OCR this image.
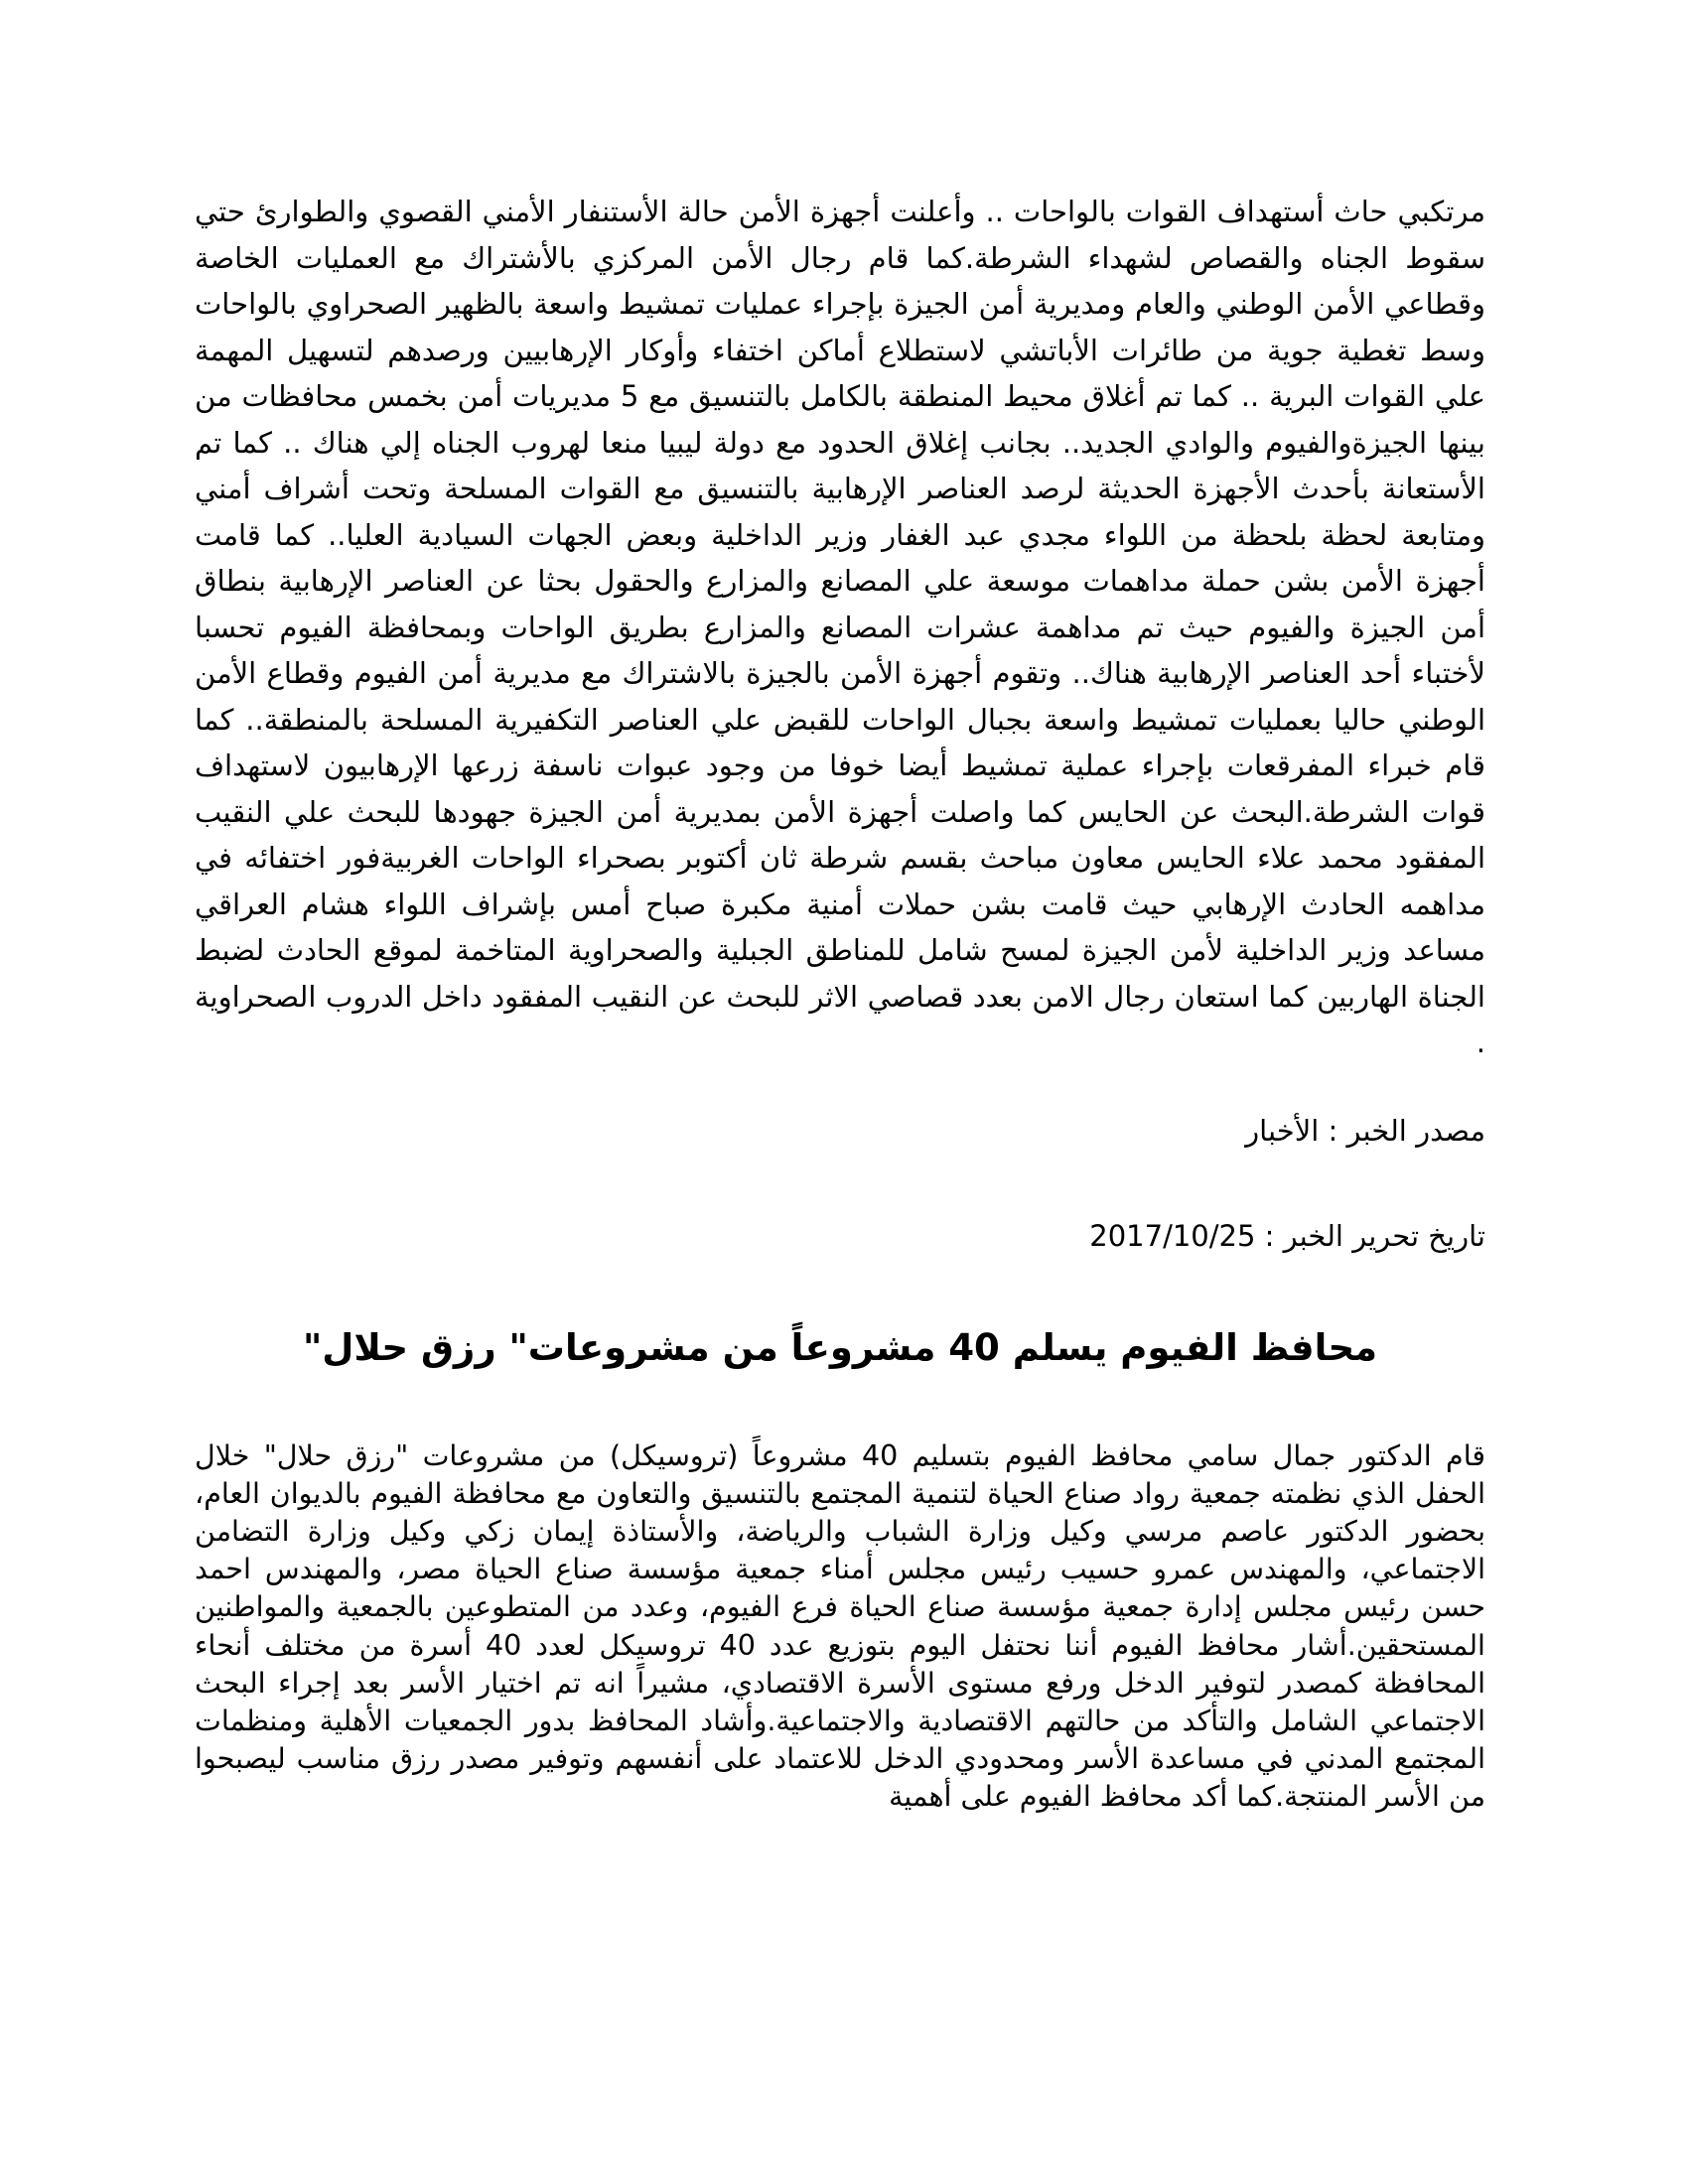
مرتكبي حاث أستهداف القوات بالواحات .. وأعلنت أجهزة الأمن حالة الأستنفار الأمني القصوي والطوارئ حتي سقوط الجناه والقصاص لشهداء الشرطة.كما قام رجال الأمن المركزي بالأشتراك مع العمليات الخاصة وقطاعي الأمن الوطني والعام ومديرية أمن الجيزة بإجراء عمليات تمشيط واسعة بالظهير الصحراوي بالواحات وسط تغطية جوية من طائرات الأباتشي لاستطلاع أماكن اختفاء وأوكار الإرهابيين ورصدهم لتسهيل المهمة علي القوات البرية .. كما تم أغلاق محيط المنطقة بالكامل بالتنسيق مع 5 مديريات أمن بخمس محافظات من بينها الجيزةوالفيوم والوادي الجديد.. بجانب إغلاق الحدود مع دولة ليبيا منعا لهروب الجناه إلي هناك .. كما تم الأستعانة بأحدث الأجهزة الحديثة لرصد العناصر الإرهابية بالتنسيق مع القوات المسلحة وتحت أشراف أمني ومتابعة لحظة بلحظة من اللواء مجدي عبد الغفار وزير الداخلية وبعض الجهات السيادية العليا.. كما قامت أجهزة الأمن بشن حملة مداهمات موسعة علي المصانع والمزارع والحقول بحثا عن العناصر الإرهابية بنطاق أمن الجيزة والفيوم حيث تم مداهمة عشرات المصانع والمزارع بطريق الواحات وبمحافظة الفيوم تحسبا لأختباء أحد العناصر الإرهابية هناك.. وتقوم أجهزة الأمن بالجيزة بالاشتراك مع مديرية أمن الفيوم وقطاع الأمن الوطني حاليا بعمليات تمشيط واسعة بجبال الواحات للقبض علي العناصر التكفيرية المسلحة بالمنطقة.. كما قام خبراء المفرقعات بإجراء عملية تمشيط أيضا خوفا من وجود عبوات ناسفة زرعها الإرهابيون لاستهداف قوات الشرطة.البحث عن الحايس كما واصلت أجهزة الأمن بمديرية أمن الجيزة جهودها للبحث علي النقيب المفقود محمد علاء الحايس معاون مباحث بقسم شرطة ثان أكتوبر بصحراء الواحات الغربيةفور اختفائه في مداهمه الحادث الإرهابي حيث قامت بشن حملات أمنية مكبرة صباح أمس بإشراف اللواء هشام العراقي مساعد وزير الداخلية لأمن الجيزة لمسح شامل للمناطق الجبلية والصحراوية المتاخمة لموقع الحادث لضبط الجناة الهاربين كما استعان رجال الامن بعدد قصاصي الاثر للبحث عن النقيب المفقود داخل الدروب الصحراوية .

مصدر الخبر : الأخبار

تاريخ تحرير الخبر : 2017/10/25

محافظ الفيوم يسلم 40 مشروعاً من مشروعات" رزق حلال"

قام الدكتور جمال سامي محافظ الفيوم بتسليم 40 مشروعاً (تروسيكل) من مشروعات "رزق حلال" خلال الحفل الذي نظمته جمعية رواد صناع الحياة لتنمية المجتمع بالتنسيق والتعاون مع محافظة الفيوم بالديوان العام، بحضور الدكتور عاصم مرسي وكيل وزارة الشباب والرياضة، والأستاذة إيمان زكي وكيل وزارة التضامن الاجتماعي، والمهندس عمرو حسيب رئيس مجلس أمناء جمعية مؤسسة صناع الحياة مصر، والمهندس احمد حسن رئيس مجلس إدارة جمعية مؤسسة صناع الحياة فرع الفيوم، وعدد من المتطوعين بالجمعية والمواطنين المستحقين.أشار محافظ الفيوم أننا نحتفل اليوم بتوزيع عدد 40 تروسيكل لعدد 40 أسرة من مختلف أنحاء المحافظة كمصدر لتوفير الدخل ورفع مستوى الأسرة الاقتصادي، مشيراً انه تم اختيار الأسر بعد إجراء البحث الاجتماعي الشامل والتأكد من حالتهم الاقتصادية والاجتماعية.وأشاد المحافظ بدور الجمعيات الأهلية ومنظمات المجتمع المدني في مساعدة الأسر ومحدودي الدخل للاعتماد على أنفسهم وتوفير مصدر رزق مناسب ليصبحوا من الأسر المنتجة.كما أكد محافظ الفيوم على أهمية
